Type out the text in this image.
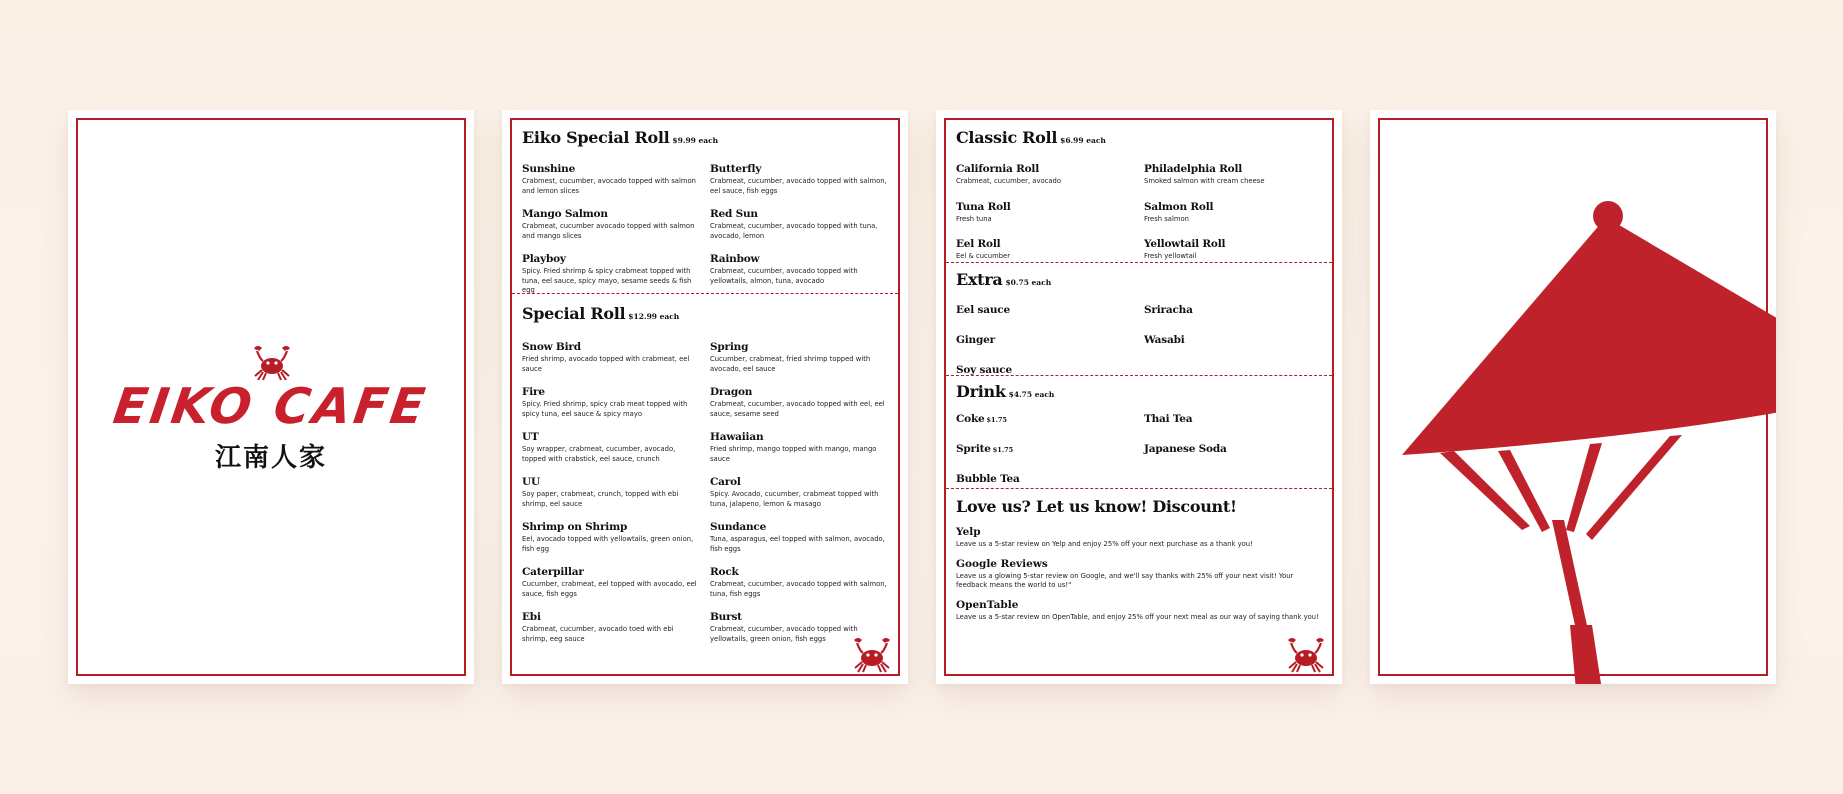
EIKO CAFE
江南人家
Eiko Special Roll $9.99 each
Sunshine
Crabmest, cucumber, avocado topped with salmon and lemon slices
Butterfly
Crabmeat, cucumber, avocado topped with salmon, eel sauce, fish eggs
Mango Salmon
Crabmeat, cucumber avocado topped with salmon and mango slices
Red Sun
Crabmeat, cucumber, avocado topped with tuna, avocado, lemon
Playboy
Spicy. Fried shrimp & spicy crabmeat topped with tuna, eel sauce, spicy mayo, sesame seeds & fish egg
Rainbow
Crabmeat, cucumber, avocado topped with yellowtails, almon, tuna, avocado
Special Roll $12.99 each
Snow Bird
Fried shrimp, avocado topped with crabmeat, eel sauce
Spring
Cucumber, crabmeat, fried shrimp topped with avocado, eel sauce
Fire
Spicy. Fried shrimp, spicy crab meat topped with spicy tuna, eel sauce & spicy mayo
Dragon
Crabmeat, cucumber, avocado topped with eel, eel sauce, sesame seed
UT
Soy wrapper, crabmeat, cucumber, avocado, topped with crabstick, eel sauce, crunch
Hawaiian
Fried shrimp, mango topped with mango, mango sauce
UU
Soy paper, crabmeat, crunch, topped with ebi shrimp, eel sauce
Carol
Spicy. Avocado, cucumber, crabmeat topped with tuna, jalapeno, lemon & masago
Shrimp on Shrimp
Eel, avocado topped with yellowtails, green onion, fish egg
Sundance
Tuna, asparagus, eel topped with salmon, avocado, fish eggs
Caterpillar
Cucumber, crabmeat, eel topped with avocado, eel sauce, fish eggs
Rock
Crabmeat, cucumber, avocado topped with salmon, tuna, fish eggs
Ebi
Crabmeat, cucumber, avocado toed with ebi shrimp, eeg sauce
Burst
Crabmeat, cucumber, avocado topped with yellowtails, green onion, fish eggs
Classic Roll $6.99 each
California Roll
Crabmeat, cucumber, avocado
Philadelphia Roll
Smoked salmon with cream cheese
Tuna Roll
Fresh tuna
Salmon Roll
Fresh salmon
Eel Roll
Eel & cucumber
Yellowtail Roll
Fresh yellowtail
Extra $0.75 each
Eel sauce	Sriracha
Ginger	Wasabi
Soy sauce
Drink $4.75 each
Coke $1.75	Thai Tea
Sprite $1.75	Japanese Soda
Bubble Tea
Love us? Let us know! Discount!
Yelp
Leave us a 5-star review on Yelp and enjoy 25% off your next purchase as a thank you!
Google Reviews
Leave us a glowing 5-star review on Google, and we'll say thanks with 25% off your next visit! Your feedback means the world to us!"
OpenTable
Leave us a 5-star review on OpenTable, and enjoy 25% off your next meal as our way of saying thank you!
